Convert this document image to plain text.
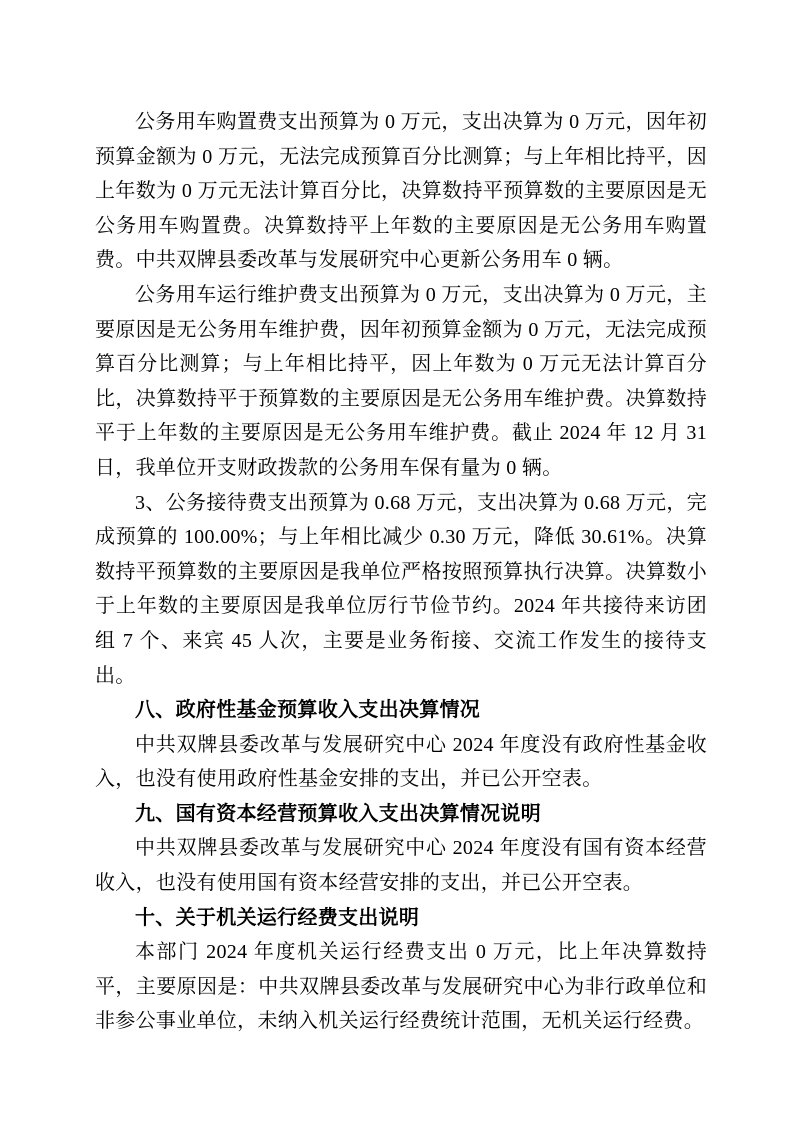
公务用车购置费支出预算为 0 万元，支出决算为 0 万元，因年初预算金额为 0 万元，无法完成预算百分比测算；与上年相比持平，因上年数为 0 万元无法计算百分比，决算数持平预算数的主要原因是无公务用车购置费。决算数持平上年数的主要原因是无公务用车购置费。中共双牌县委改革与发展研究中心更新公务用车 0 辆。

公务用车运行维护费支出预算为 0 万元，支出决算为 0 万元，主要原因是无公务用车维护费，因年初预算金额为 0 万元，无法完成预算百分比测算；与上年相比持平，因上年数为 0 万元无法计算百分比，决算数持平于预算数的主要原因是无公务用车维护费。决算数持平于上年数的主要原因是无公务用车维护费。截止 2024 年 12 月 31 日，我单位开支财政拨款的公务用车保有量为 0 辆。

3、公务接待费支出预算为 0.68 万元，支出决算为 0.68 万元，完成预算的 100.00%；与上年相比减少 0.30 万元，降低 30.61%。决算数持平预算数的主要原因是我单位严格按照预算执行决算。决算数小于上年数的主要原因是我单位厉行节俭节约。2024 年共接待来访团组 7 个、来宾 45 人次，主要是业务衔接、交流工作发生的接待支出。

八、政府性基金预算收入支出决算情况

中共双牌县委改革与发展研究中心 2024 年度没有政府性基金收入，也没有使用政府性基金安排的支出，并已公开空表。

九、国有资本经营预算收入支出决算情况说明

中共双牌县委改革与发展研究中心 2024 年度没有国有资本经营收入，也没有使用国有资本经营安排的支出，并已公开空表。

十、关于机关运行经费支出说明

本部门 2024 年度机关运行经费支出 0 万元，比上年决算数持平，主要原因是：中共双牌县委改革与发展研究中心为非行政单位和非参公事业单位，未纳入机关运行经费统计范围，无机关运行经费。
